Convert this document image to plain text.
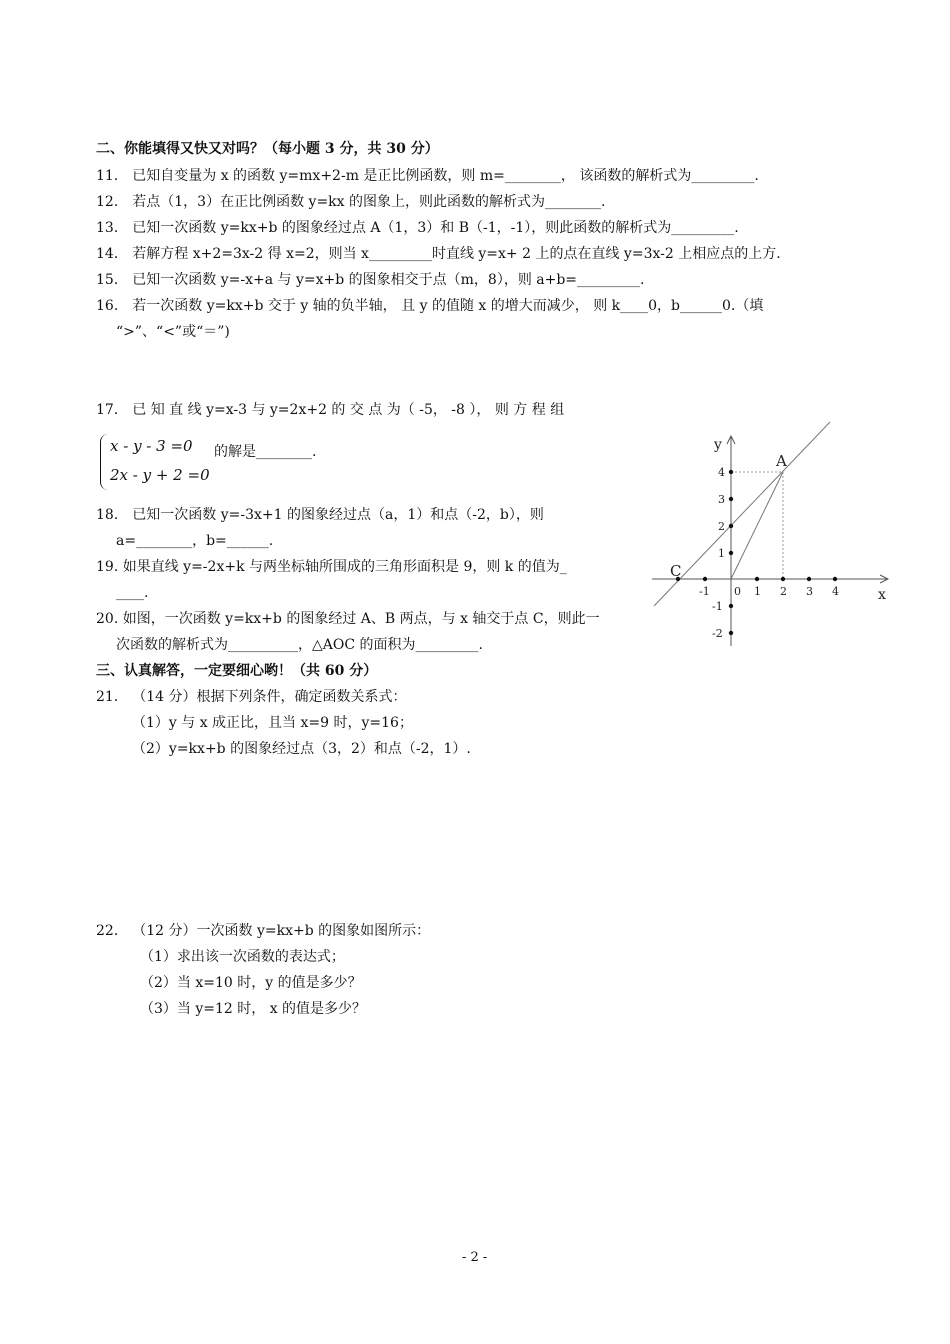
二、你能填得又快又对吗？（每小题 3 分，共 30 分）
11． 已知自变量为 x 的函数 y=mx+2-m 是正比例函数，则 m=________， 该函数的解析式为_________.
12． 若点（1，3）在正比例函数 y=kx 的图象上，则此函数的解析式为________.
13． 已知一次函数 y=kx+b 的图象经过点 A（1，3）和 B（-1，-1），则此函数的解析式为_________.
14． 若解方程 x+2=3x-2 得 x=2，则当 x_________时直线 y=x+ 2 上的点在直线 y=3x-2 上相应点的上方.
15． 已知一次函数 y=-x+a 与 y=x+b 的图象相交于点（m，8），则 a+b=_________.
16． 若一次函数 y=kx+b 交于 y 轴的负半轴， 且 y 的值随 x 的增大而减少， 则 k____0，b______0.（填
“>”、“<”或“＝”)
17． 已 知 直 线 y=x-3 与 y=2x+2 的 交 点 为（ -5， -8 ）， 则 方 程 组
x - y - 3 =0
2x - y + 2 =0
的解是________.
18． 已知一次函数 y=-3x+1 的图象经过点（a，1）和点（-2，b），则
a=________，b=______.
19. 如果直线 y=-2x+k 与两坐标轴所围成的三角形面积是 9，则 k 的值为_
____.
20. 如图，一次函数 y=kx+b 的图象经过 A、B 两点，与 x 轴交于点 C，则此一
次函数的解析式为__________，△AOC 的面积为_________.
三、认真解答，一定要细心哟！（共 60 分）
21． （14 分）根据下列条件，确定函数关系式：
（1）y 与 x 成正比，且当 x=9 时，y=16；
（2）y=kx+b 的图象经过点（3，2）和点（-2，1）.
22． （12 分）一次函数 y=kx+b 的图象如图所示：
（1）求出该一次函数的表达式；
（2）当 x=10 时，y 的值是多少？
（3）当 y=12 时， x 的值是多少？
- 2 -
y
x
A
C
0
-1	1 2 3 4
4
3
2
1
-1
-2
